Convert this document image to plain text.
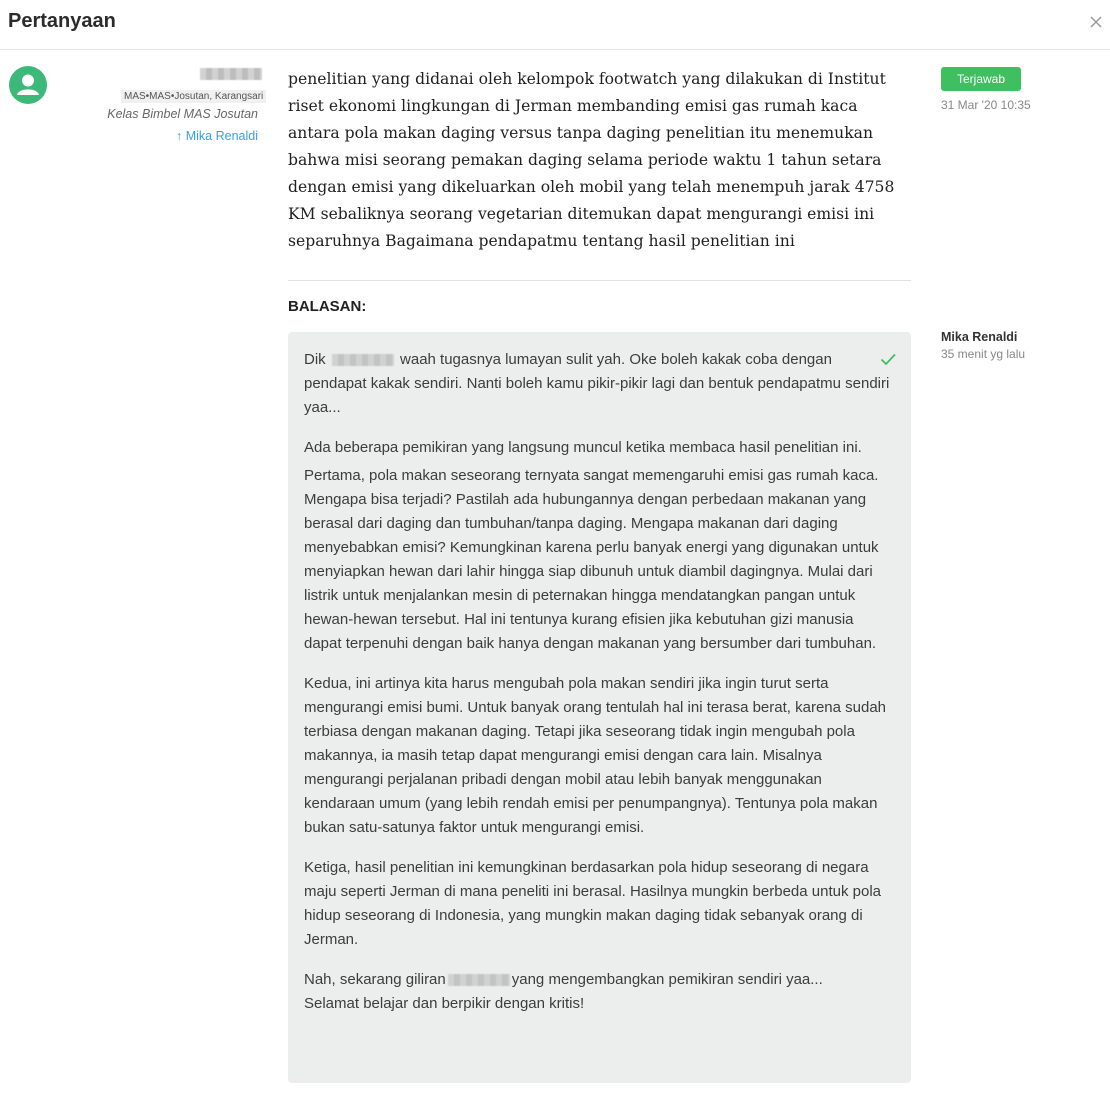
Pertanyaan
MAS•MAS•Josutan, Karangsari
Kelas Bimbel MAS Josutan
↑ Mika Renaldi
penelitian yang didanai oleh kelompok footwatch yang dilakukan di Institut riset ekonomi lingkungan di Jerman membanding emisi gas rumah kaca antara pola makan daging versus tanpa daging penelitian itu menemukan bahwa misi seorang pemakan daging selama periode waktu 1 tahun setara dengan emisi yang dikeluarkan oleh mobil yang telah menempuh jarak 4758 KM sebaliknya seorang vegetarian ditemukan dapat mengurangi emisi ini separuhnya Bagaimana pendapatmu tentang hasil penelitian ini
Terjawab
31 Mar '20 10:35
BALASAN:

Dik	waah tugasnya lumayan sulit yah. Oke boleh kakak coba dengan pendapat kakak sendiri. Nanti boleh kamu pikir-pikir lagi dan bentuk pendapatmu sendiri yaa...

Ada beberapa pemikiran yang langsung muncul ketika membaca hasil penelitian ini.

Pertama, pola makan seseorang ternyata sangat memengaruhi emisi gas rumah kaca. Mengapa bisa terjadi? Pastilah ada hubungannya dengan perbedaan makanan yang berasal dari daging dan tumbuhan/tanpa daging. Mengapa makanan dari daging menyebabkan emisi? Kemungkinan karena perlu banyak energi yang digunakan untuk menyiapkan hewan dari lahir hingga siap dibunuh untuk diambil dagingnya. Mulai dari listrik untuk menjalankan mesin di peternakan hingga mendatangkan pangan untuk hewan-hewan tersebut. Hal ini tentunya kurang efisien jika kebutuhan gizi manusia dapat terpenuhi dengan baik hanya dengan makanan yang bersumber dari tumbuhan.

Kedua, ini artinya kita harus mengubah pola makan sendiri jika ingin turut serta mengurangi emisi bumi. Untuk banyak orang tentulah hal ini terasa berat, karena sudah terbiasa dengan makanan daging. Tetapi jika seseorang tidak ingin mengubah pola makannya, ia masih tetap dapat mengurangi emisi dengan cara lain. Misalnya mengurangi perjalanan pribadi dengan mobil atau lebih banyak menggunakan kendaraan umum (yang lebih rendah emisi per penumpangnya). Tentunya pola makan bukan satu-satunya faktor untuk mengurangi emisi.

Ketiga, hasil penelitian ini kemungkinan berdasarkan pola hidup seseorang di negara maju seperti Jerman di mana peneliti ini berasal. Hasilnya mungkin berbeda untuk pola hidup seseorang di Indonesia, yang mungkin makan daging tidak sebanyak orang di Jerman.

Nah, sekarang giliran	yang mengembangkan pemikiran sendiri yaa...
Selamat belajar dan berpikir dengan kritis!

Mika Renaldi
35 menit yg lalu
